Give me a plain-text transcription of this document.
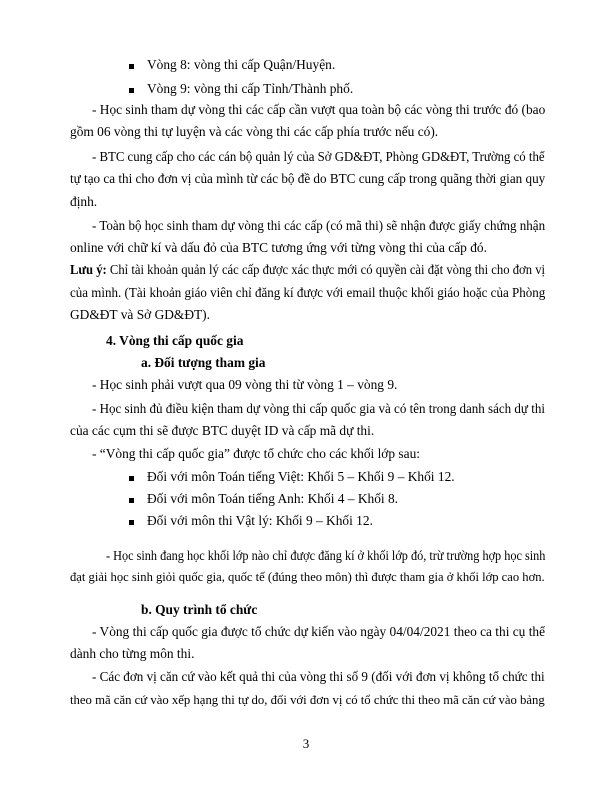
Vòng 8: vòng thi cấp Quận/Huyện.
Vòng 9: vòng thi cấp Tỉnh/Thành phố.
- Học sinh tham dự vòng thi các cấp cần vượt qua toàn bộ các vòng thi trước đó (bao
gồm 06 vòng thi tự luyện và các vòng thi các cấp phía trước nếu có).
- BTC cung cấp cho các cán bộ quản lý của Sở GD&ĐT, Phòng GD&ĐT, Trường có thể
tự tạo ca thi cho đơn vị của mình từ các bộ đề do BTC cung cấp trong quãng thời gian quy
định.
- Toàn bộ học sinh tham dự vòng thi các cấp (có mã thi) sẽ nhận được giấy chứng nhận
online với chữ kí và dấu đỏ của BTC tương ứng với từng vòng thi của cấp đó.
Lưu ý: Chỉ tài khoản quản lý các cấp được xác thực mới có quyền cài đặt vòng thi cho đơn vị
của mình. (Tài khoản giáo viên chỉ đăng kí được với email thuộc khối giáo hoặc của Phòng
GD&ĐT và Sở GD&ĐT).
4. Vòng thi cấp quốc gia
a. Đối tượng tham gia
- Học sinh phải vượt qua 09 vòng thi từ vòng 1 – vòng 9.
- Học sinh đủ điều kiện tham dự vòng thi cấp quốc gia và có tên trong danh sách dự thi
của các cụm thi sẽ được BTC duyệt ID và cấp mã dự thi.
- “Vòng thi cấp quốc gia” được tổ chức cho các khối lớp sau:
Đối với môn Toán tiếng Việt: Khối 5 – Khối 9 – Khối 12.
Đối với môn Toán tiếng Anh: Khối 4 – Khối 8.
Đối với môn thi Vật lý: Khối 9 – Khối 12.
- Học sinh đang học khối lớp nào chỉ được đăng kí ở khối lớp đó, trừ trường hợp học sinh
đạt giải học sinh giỏi quốc gia, quốc tế (đúng theo môn) thì được tham gia ở khối lớp cao hơn.
b. Quy trình tổ chức
- Vòng thi cấp quốc gia được tổ chức dự kiến vào ngày 04/04/2021 theo ca thi cụ thể
dành cho từng môn thi.
- Các đơn vị căn cứ vào kết quả thi của vòng thi số 9 (đối với đơn vị không tổ chức thi
theo mã căn cứ vào xếp hạng thi tự do, đối với đơn vị có tổ chức thi theo mã căn cứ vào bảng
3
